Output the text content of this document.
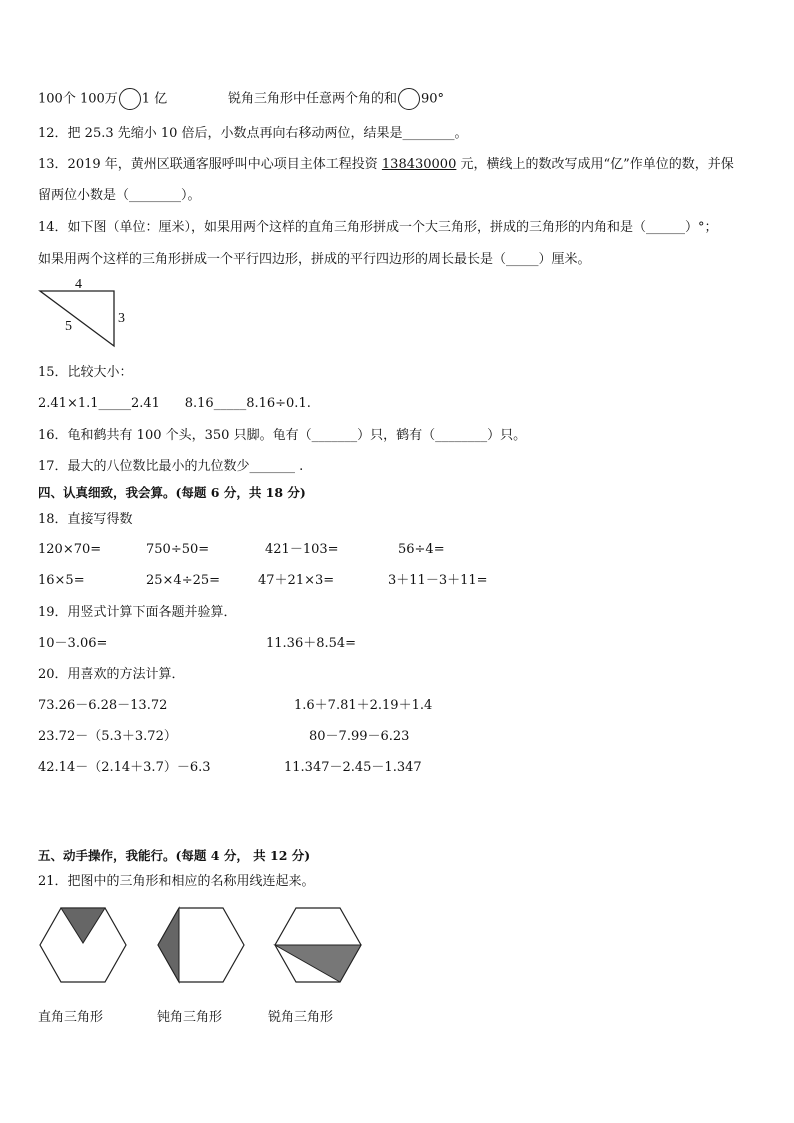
100个 100万 1 亿	锐角三角形中任意两个角的和 90°
12．把 25.3 先缩小 10 倍后，小数点再向右移动两位，结果是________。
13．2019 年，黄州区联通客服呼叫中心项目主体工程投资 138430000 元，横线上的数改写成用“亿”作单位的数，并保
留两位小数是（________）。
14．如下图（单位：厘米），如果用两个这样的直角三角形拼成一个大三角形，拼成的三角形的内角和是（______）°；
如果用两个这样的三角形拼成一个平行四边形，拼成的平行四边形的周长最长是（_____）厘米。
4
3
5
15．比较大小：
2.41×1.1_____2.41      8.16_____8.16÷0.1.
16．龟和鹤共有 100 个头，350 只脚。龟有（_______）只，鹤有（________）只。
17．最大的八位数比最小的九位数少_______ .
四、认真细致，我会算。(每题 6 分，共 18 分)
18．直接写得数
120×70=	750÷50=	421－103=	56÷4=
16×5=	25×4÷25=	47＋21×3=	3＋11－3＋11=
19．用竖式计算下面各题并验算．
10－3.06=	11.36＋8.54=
20．用喜欢的方法计算．
73.26－6.28－13.72	1.6＋7.81＋2.19＋1.4
23.72－（5.3＋3.72）	80－7.99－6.23
42.14－（2.14＋3.7）－6.3	11.347－2.45－1.347
五、动手操作，我能行。(每题 4 分， 共 12 分)
21．把图中的三角形和相应的名称用线连起来。
直角三角形	钝角三角形	锐角三角形
